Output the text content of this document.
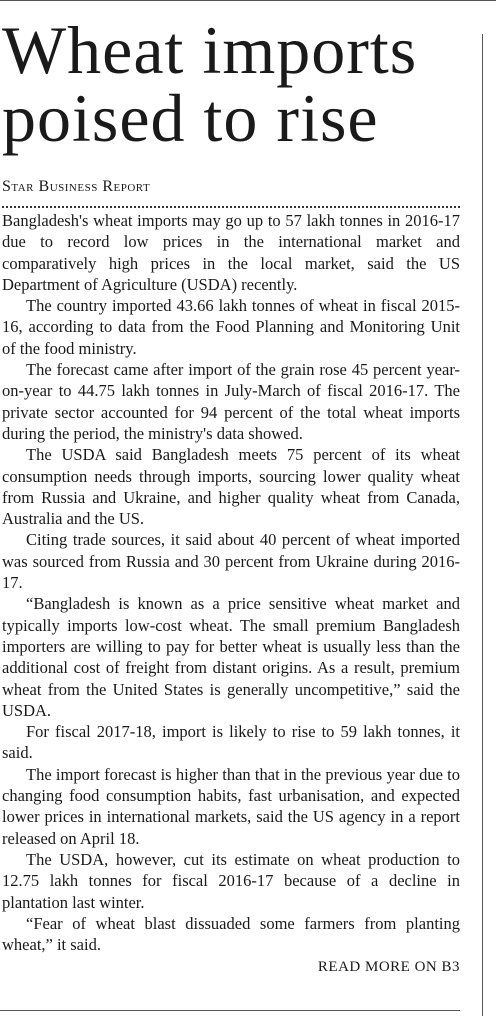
Wheat imports poised to rise
Star Business Report

Bangladesh's wheat imports may go up to 57 lakh tonnes in 2016-17 due to record low prices in the international market and comparatively high prices in the local market, said the US Department of Agriculture (USDA) recently.

The country imported 43.66 lakh tonnes of wheat in fiscal 2015-16, according to data from the Food Planning and Monitoring Unit of the food ministry.

The forecast came after import of the grain rose 45 percent year-on-year to 44.75 lakh tonnes in July-March of fiscal 2016-17. The private sector accounted for 94 percent of the total wheat imports during the period, the ministry's data showed.

The USDA said Bangladesh meets 75 percent of its wheat consumption needs through imports, sourcing lower quality wheat from Russia and Ukraine, and higher quality wheat from Canada, Australia and the US.

Citing trade sources, it said about 40 percent of wheat imported was sourced from Russia and 30 percent from Ukraine during 2016-17.

“Bangladesh is known as a price sensitive wheat market and typically imports low-cost wheat. The small premium Bangladesh importers are willing to pay for better wheat is usually less than the additional cost of freight from distant origins. As a result, premium wheat from the United States is generally uncompetitive,” said the USDA.

For fiscal 2017-18, import is likely to rise to 59 lakh tonnes, it said.

The import forecast is higher than that in the previous year due to changing food consumption habits, fast urbanisation, and expected lower prices in international markets, said the US agency in a report released on April 18.

The USDA, however, cut its estimate on wheat production to 12.75 lakh tonnes for fiscal 2016-17 because of a decline in plantation last winter.

“Fear of wheat blast dissuaded some farmers from planting wheat,” it said.

READ MORE ON B3
